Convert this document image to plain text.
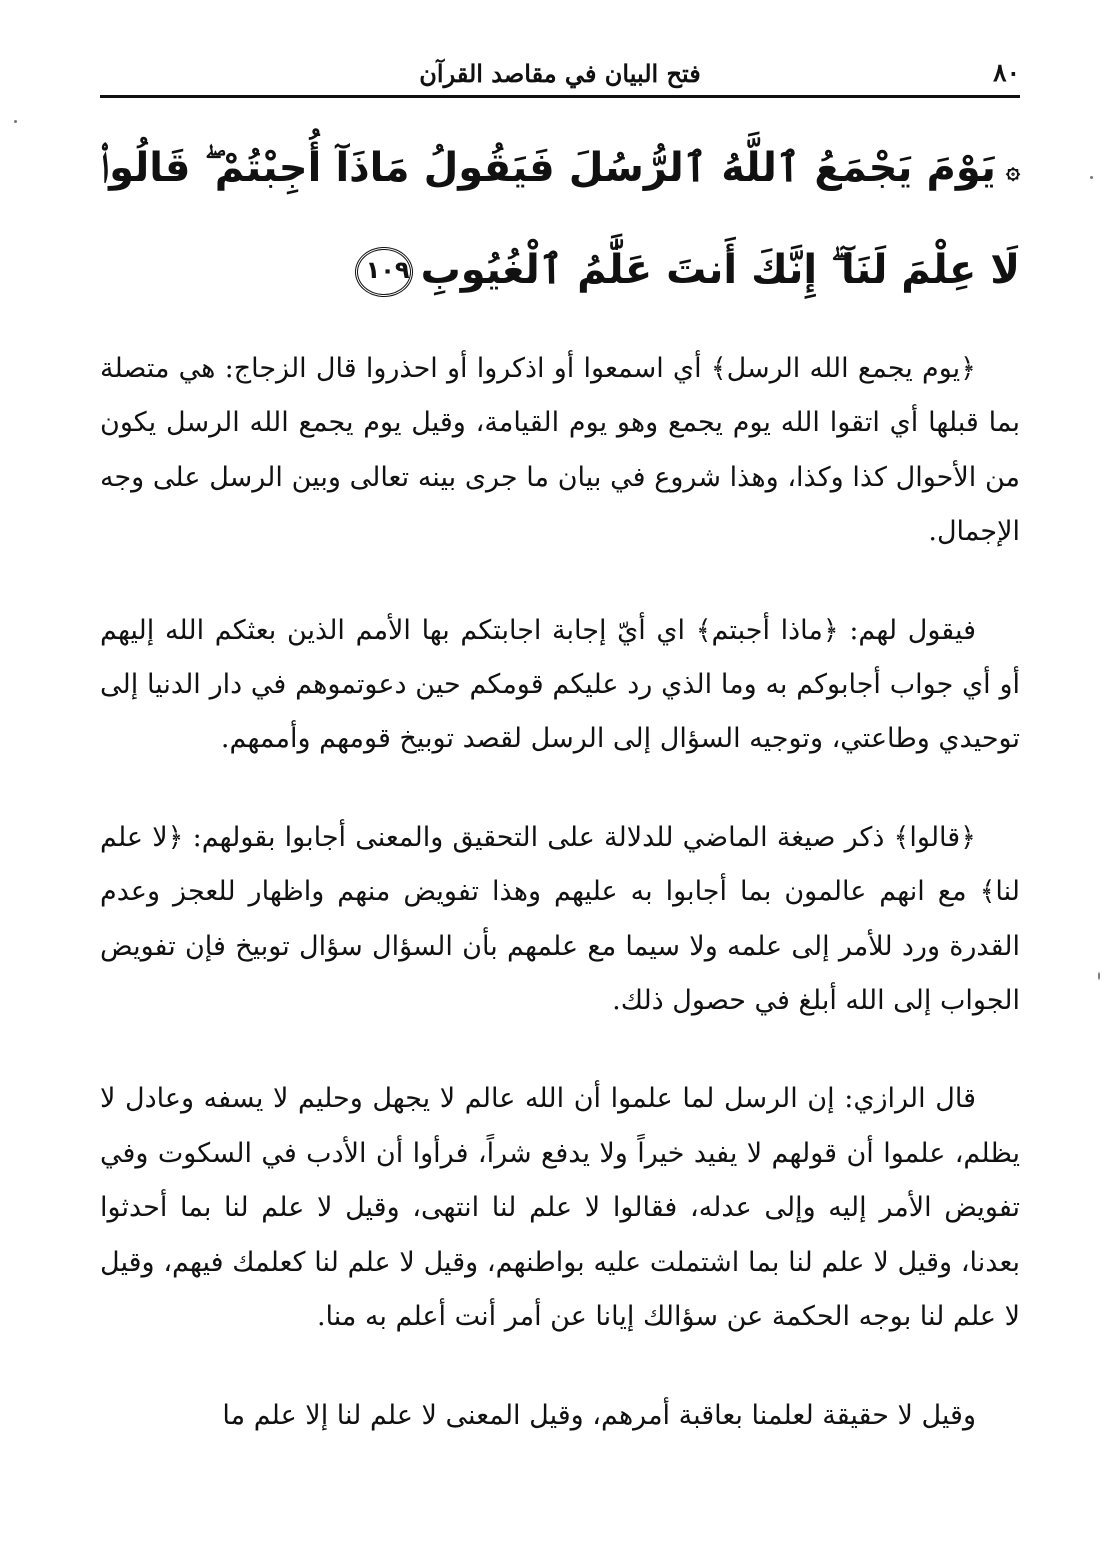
٨٠
فتح البيان في مقاصد القرآن
۞يَوْمَ يَجْمَعُ ٱللَّهُ ٱلرُّسُلَ فَيَقُولُ مَاذَآ أُجِبْتُمْ ۖ قَالُوا۟ لَا عِلْمَ لَنَآ ۖ إِنَّكَ أَنتَ عَلَّٰمُ ٱلْغُيُوبِ١٠٩

﴿يوم يجمع الله الرسل﴾ أي اسمعوا أو اذكروا أو احذروا قال الزجاج: هي متصلة بما قبلها أي اتقوا الله يوم يجمع وهو يوم القيامة، وقيل يوم يجمع الله الرسل يكون من الأحوال كذا وكذا، وهذا شروع في بيان ما جرى بينه تعالى وبين الرسل على وجه الإجمال.

فيقول لهم: ﴿ماذا أجبتم﴾ اي أيّ إجابة اجابتكم بها الأمم الذين بعثكم الله إليهم أو أي جواب أجابوكم به وما الذي رد عليكم قومكم حين دعوتموهم في دار الدنيا إلى توحيدي وطاعتي، وتوجيه السؤال إلى الرسل لقصد توبيخ قومهم وأممهم.

﴿قالوا﴾ ذكر صيغة الماضي للدلالة على التحقيق والمعنى أجابوا بقولهم: ﴿لا علم لنا﴾ مع انهم عالمون بما أجابوا به عليهم وهذا تفويض منهم واظهار للعجز وعدم القدرة ورد للأمر إلى علمه ولا سيما مع علمهم بأن السؤال سؤال توبيخ فإن تفويض الجواب إلى الله أبلغ في حصول ذلك.

قال الرازي: إن الرسل لما علموا أن الله عالم لا يجهل وحليم لا يسفه وعادل لا يظلم، علموا أن قولهم لا يفيد خيراً ولا يدفع شراً، فرأوا أن الأدب في السكوت وفي تفويض الأمر إليه وإلى عدله، فقالوا لا علم لنا انتهى، وقيل لا علم لنا بما أحدثوا بعدنا، وقيل لا علم لنا بما اشتملت عليه بواطنهم، وقيل لا علم لنا كعلمك فيهم، وقيل لا علم لنا بوجه الحكمة عن سؤالك إيانا عن أمر أنت أعلم به منا.

وقيل لا حقيقة لعلمنا بعاقبة أمرهم، وقيل المعنى لا علم لنا إلا علم ما
